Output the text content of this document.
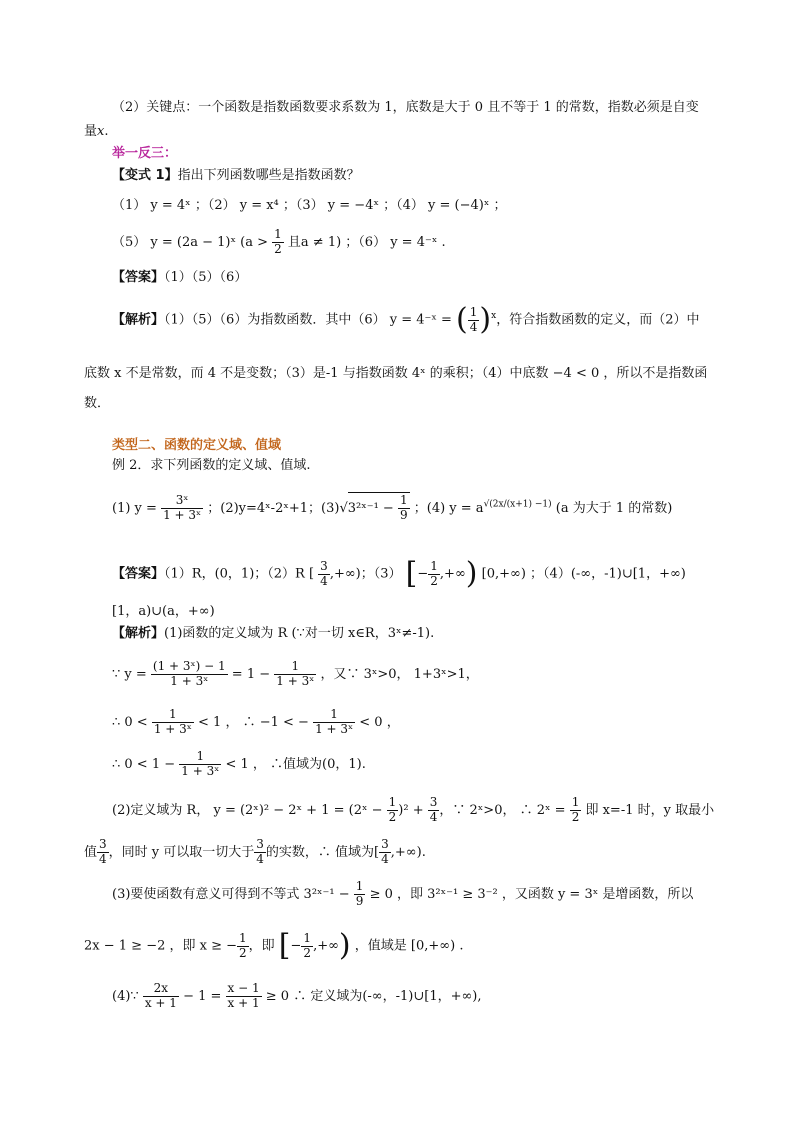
（2）关键点：一个函数是指数函数要求系数为 1，底数是大于 0 且不等于 1 的常数，指数必须是自变
量x.
举一反三：
【变式 1】指出下列函数哪些是指数函数？
（1） y = 4ˣ ；（2） y = x⁴ ；（3） y = −4ˣ ；（4） y = (−4)ˣ ；
（5） y = (2a − 1)ˣ ($a > \frac{1}{2}$ 且a ≠ 1) ；（6） y = 4⁻ˣ .
【答案】（1）（5）（6）
【解析】（1）（5）（6）为指数函数．其中（6） y = 4⁻ˣ = ( $\frac{1}{4} )^x$，符合指数函数的定义，而（2）中
底数 x 不是常数，而 4 不是变数；（3）是-1 与指数函数 4ˣ 的乘积；（4）中底数 −4 < 0 ，所以不是指数函
数．
类型二、函数的定义域、值域
例 2．求下列函数的定义域、值域.
(1) $y = \frac{\text{3ˣ}}{\text{1 + 3ˣ}}$ ；(2)y=4ˣ-2ˣ+1；(3)√3²ˣ⁻¹ − $\frac{1}{9}$ ；(4) $y = a^{√(2x/(x+1) -1)}$ (a 为大于 1 的常数)
【答案】（1）R，(0，1)；（2）R [ $\frac{3}{4}$ ,+∞)；（3） [− $\frac{1}{2}$ ,+∞) [0,+∞) ；（4）(-∞，-1)∪[1，+∞)
[1，a)∪(a，+∞)
【解析】(1)函数的定义域为 R (∵对一切 x∈R，3ˣ≠-1).
∵ $y = \frac{\text{(1 + 3ˣ) − 1}}{\text{1 + 3ˣ}} = 1 - \frac{1}{\text{1 + 3ˣ}}$ ，又∵ 3ˣ>0， 1+3ˣ>1，
∴ $0 < \frac{1}{\text{1 + 3ˣ}} < 1$ ， ∴ −1 < − $\frac{1}{\text{1 + 3ˣ}} < 0$ ，
∴ $0 < 1 - \frac{1}{\text{1 + 3ˣ}} < 1$ ， ∴值域为(0，1).
(2)定义域为 R， y = (2ˣ)² − 2ˣ + 1 = (2ˣ − $\frac{1}{2} )^2 + \frac{3}{4}$ ，∵ 2ˣ>0， ∴ 2ˣ = $\frac{1}{2}$ 即 x=-1 时，y 取最小
值 $\frac{3}{4}$ ，同时 y 可以取一切大于 $\frac{3}{4}$ 的实数，∴ 值域为[ $\frac{3}{4}$ ,+∞).
(3)要使函数有意义可得到不等式 3²ˣ⁻¹ − $\frac{1}{9} \ge 0$ ，即 3²ˣ⁻¹ ≥ 3⁻² ，又函数 y = 3ˣ 是增函数，所以
2x − 1 ≥ −2 ，即 x ≥ − $\frac{1}{2}$ ，即 [− $\frac{1}{2}$ ,+∞) ，值域是 [0,+∞) .
(4)∵ $\frac{2x}{x + 1} - 1 = \frac{x - 1}{x + 1} \ge 0$ ∴ 定义域为(-∞，-1)∪[1，+∞),
